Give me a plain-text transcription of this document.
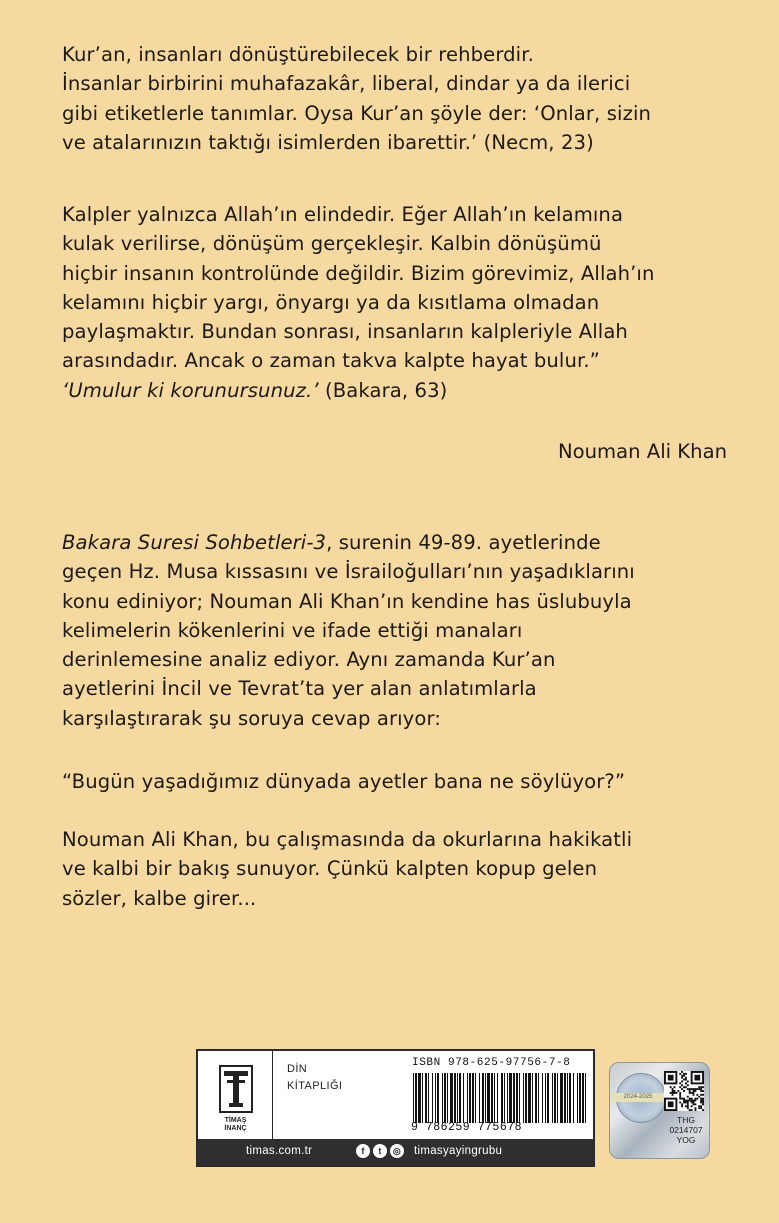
Kur’an, insanları dönüştürebilecek bir rehberdir.
İnsanlar birbirini muhafazakâr, liberal, dindar ya da ilerici
gibi etiketlerle tanımlar. Oysa Kur’an şöyle der: ‘Onlar, sizin
ve atalarınızın taktığı isimlerden ibarettir.’ (Necm, 23)
Kalpler yalnızca Allah’ın elindedir. Eğer Allah’ın kelamına
kulak verilirse, dönüşüm gerçekleşir. Kalbin dönüşümü
hiçbir insanın kontrolünde değildir. Bizim görevimiz, Allah’ın
kelamını hiçbir yargı, önyargı ya da kısıtlama olmadan
paylaşmaktır. Bundan sonrası, insanların kalpleriyle Allah
arasındadır. Ancak o zaman takva kalpte hayat bulur.”
‘Umulur ki korunursunuz.’ (Bakara, 63)
Nouman Ali Khan
Bakara Suresi Sohbetleri-3, surenin 49-89. ayetlerinde
geçen Hz. Musa kıssasını ve İsrailoğulları’nın yaşadıklarını
konu ediniyor; Nouman Ali Khan’ın kendine has üslubuyla
kelimelerin kökenlerini ve ifade ettiği manaları
derinlemesine analiz ediyor. Aynı zamanda Kur’an
ayetlerini İncil ve Tevrat’ta yer alan anlatımlarla
karşılaştırarak şu soruya cevap arıyor:
“Bugün yaşadığımız dünyada ayetler bana ne söylüyor?”
Nouman Ali Khan, bu çalışmasında da okurlarına hakikatli
ve kalbi bir bakış sunuyor. Çünkü kalpten kopup gelen
sözler, kalbe girer...
TİMAŞ
İNANÇ
DİN
KİTAPLIĞI
ISBN 978-625-97756-7-8
9 786259 775678
timas.com.tr	f	t	◎ timasyayingrubu
2024-2025
THG
0214707
YOG
